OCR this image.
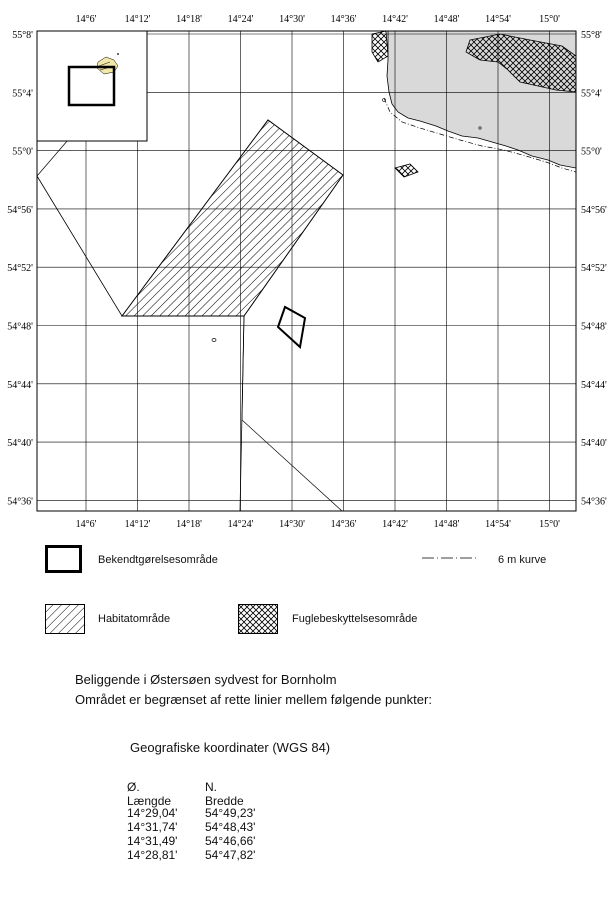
14°6'	14°12'	14°18'	14°24'	14°30'	14°36'	14°42'	14°48'	14°54'	15°0'
14°6'	14°12'	14°18'	14°24'	14°30'	14°36'	14°42'	14°48'	14°54'	15°0'
55°8'
55°4'
55°0'
54°56'
54°52'
54°48'
54°44'
54°40'
54°36'
55°8'
55°4'
55°0'
54°56'
54°52'
54°48'
54°44'
54°40'
54°36'
Bekendtgørelsesområde	6 m kurve
Habitatområde	Fuglebeskyttelsesområde
Beliggende i Østersøen sydvest for Bornholm
Området er begrænset af rette linier mellem følgende punkter:
Geografiske koordinater (WGS 84)
Ø. Længde
N. Bredde
14°29,04' 54°49,23'
14°31,74' 54°48,43'
14°31,49' 54°46,66'
14°28,81' 54°47,82'
